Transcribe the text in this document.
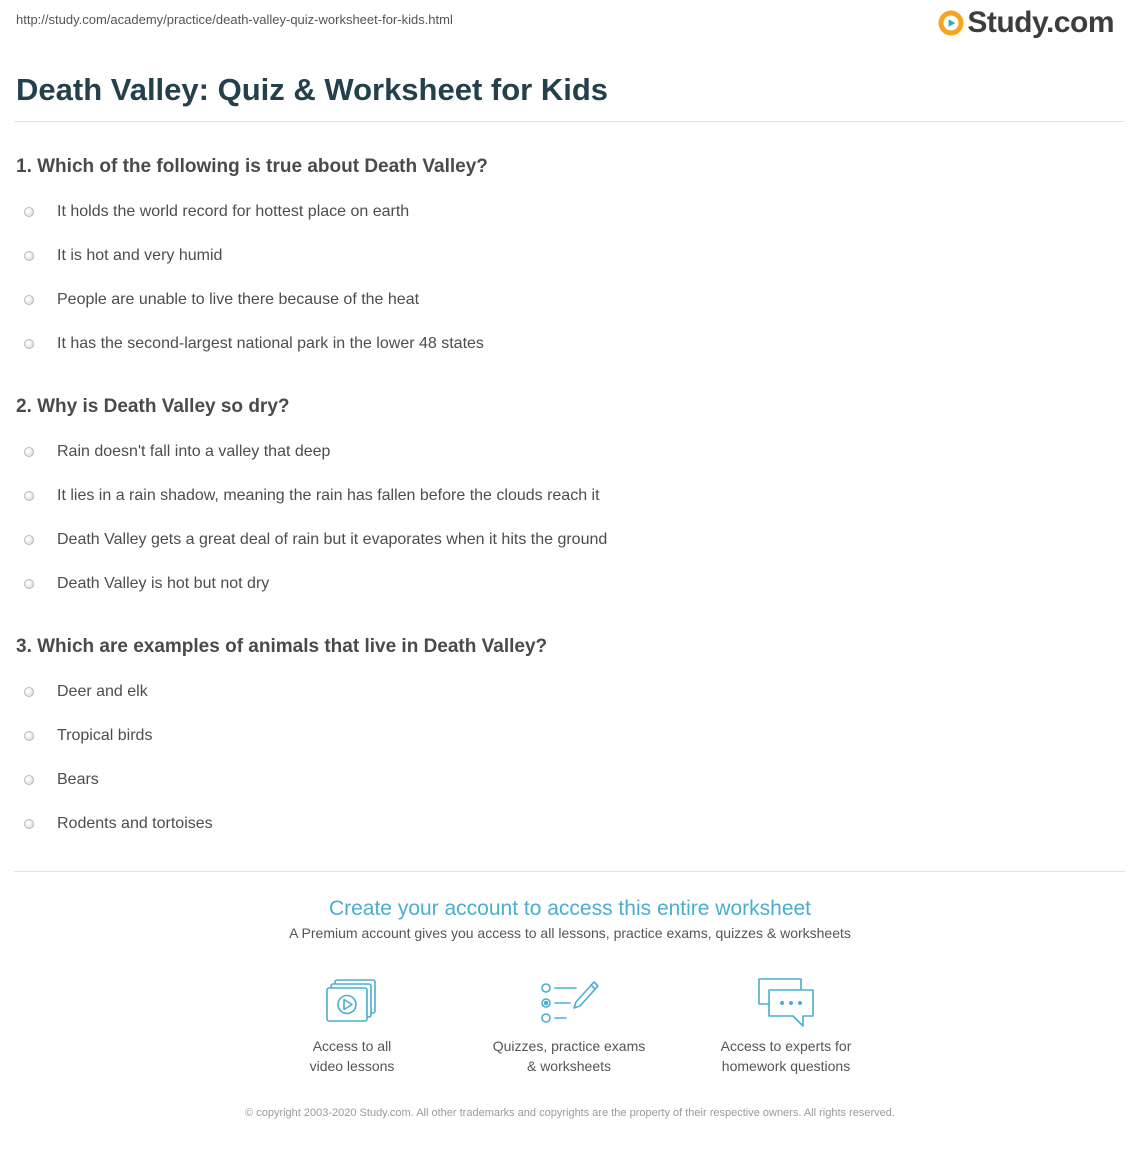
http://study.com/academy/practice/death-valley-quiz-worksheet-for-kids.html	Study.com
Death Valley: Quiz & Worksheet for Kids
1. Which of the following is true about Death Valley?
It holds the world record for hottest place on earth
It is hot and very humid
People are unable to live there because of the heat
It has the second-largest national park in the lower 48 states
2. Why is Death Valley so dry?
Rain doesn't fall into a valley that deep
It lies in a rain shadow, meaning the rain has fallen before the clouds reach it
Death Valley gets a great deal of rain but it evaporates when it hits the ground
Death Valley is hot but not dry
3. Which are examples of animals that live in Death Valley?
Deer and elk
Tropical birds
Bears
Rodents and tortoises
Create your account to access this entire worksheet
A Premium account gives you access to all lessons, practice exams, quizzes & worksheets
Access to all
video lessons
Quizzes, practice exams
& worksheets
Access to experts for
homework questions
© copyright 2003-2020 Study.com. All other trademarks and copyrights are the property of their respective owners. All rights reserved.
